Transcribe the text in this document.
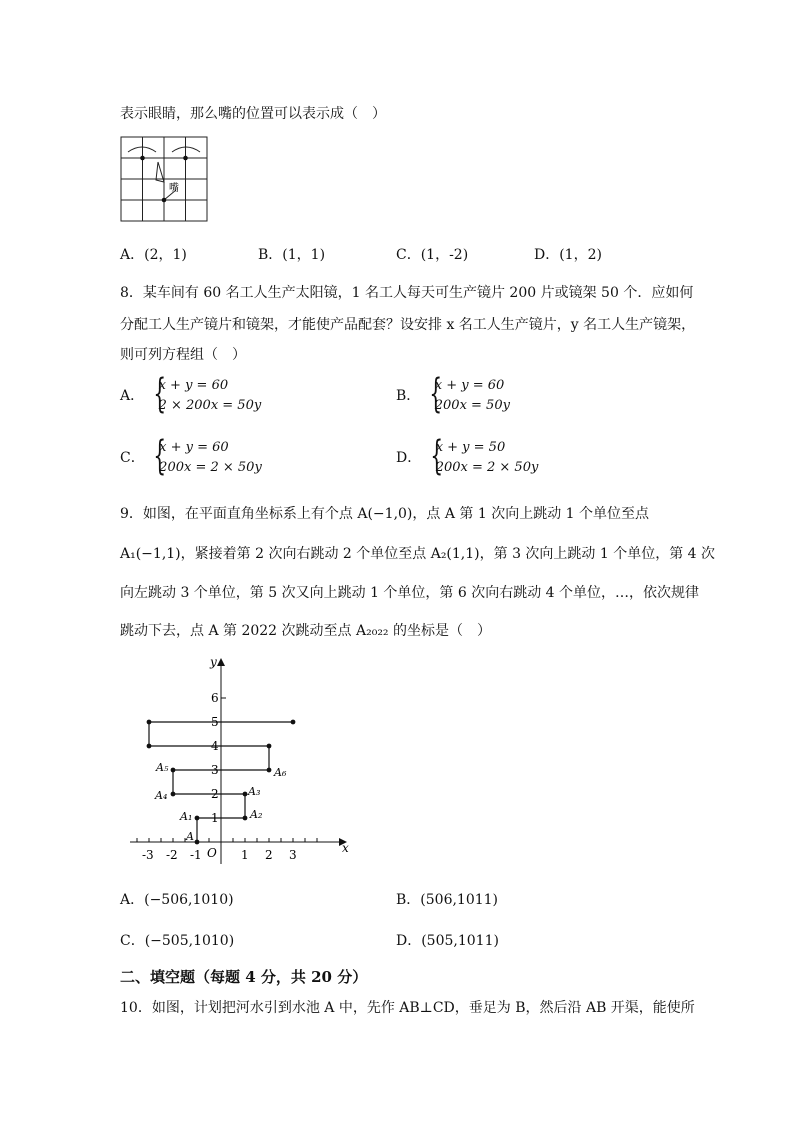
表示眼睛，那么嘴的位置可以表示成（　）
嘴
A．(2，1)	B．(1，1)	C．(1，-2)	D．(1，2)
8．某车间有 60 名工人生产太阳镜，1 名工人每天可生产镜片 200 片或镜架 50 个．应如何
分配工人生产镜片和镜架，才能使产品配套？设安排 x 名工人生产镜片，y 名工人生产镜架，
则可列方程组（　）
A． {
x + y = 60
2 × 200x = 50y
B． {
x + y = 60
200x = 50y
C． {
x + y = 60
200x = 2 × 50y
D． {
x + y = 50
200x = 2 × 50y
9．如图，在平面直角坐标系上有个点 A(−1,0)，点 A 第 1 次向上跳动 1 个单位至点
A₁(−1,1)，紧接着第 2 次向右跳动 2 个单位至点 A₂(1,1)，第 3 次向上跳动 1 个单位，第 4 次
向左跳动 3 个单位，第 5 次又向上跳动 1 个单位，第 6 次向右跳动 4 个单位，…，依次规律
跳动下去，点 A 第 2022 次跳动至点 A₂₀₂₂ 的坐标是（　）
x
y
O
-3 -2 -1	1 2 3
1
2
3
4
5
6
A
A₁	A₂
A₃
A₄
A₅	A₆
A．(−506,1010)	B．(506,1011)
C．(−505,1010)	D．(505,1011)
二、填空题（每题 4 分，共 20 分）
10．如图，计划把河水引到水池 A 中，先作 AB⊥CD，垂足为 B，然后沿 AB 开渠，能使所
